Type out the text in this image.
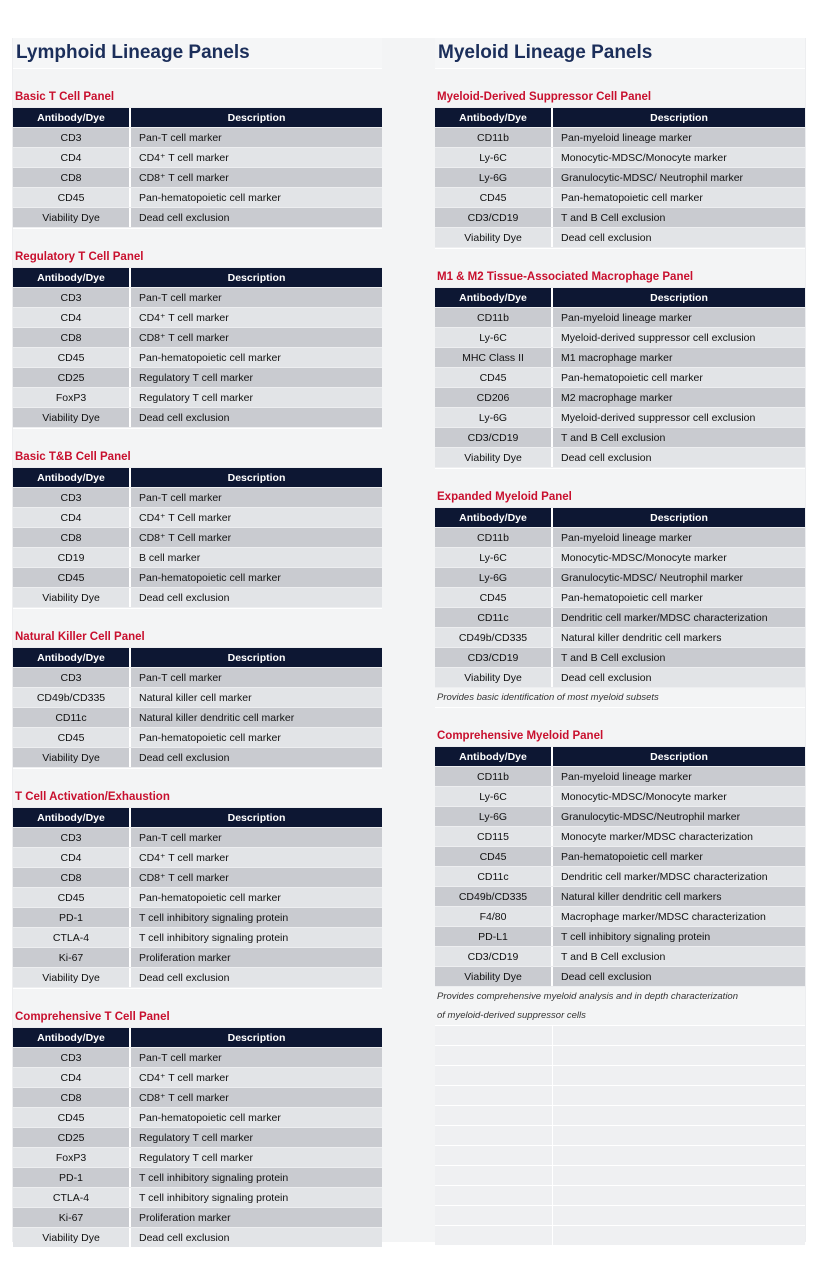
Lymphoid Lineage Panels
Basic T Cell Panel
Antibody/Dye	Description
CD3	Pan-T cell marker
CD4	CD4⁺ T cell marker
CD8	CD8⁺ T cell marker
CD45	Pan-hematopoietic cell marker
Viability Dye	Dead cell exclusion
Regulatory T Cell Panel
Antibody/Dye	Description
CD3	Pan-T cell marker
CD4	CD4⁺ T cell marker
CD8	CD8⁺ T cell marker
CD45	Pan-hematopoietic cell marker
CD25	Regulatory T cell marker
FoxP3	Regulatory T cell marker
Viability Dye	Dead cell exclusion
Basic T&B Cell Panel
Antibody/Dye	Description
CD3	Pan-T cell marker
CD4	CD4⁺ T Cell marker
CD8	CD8⁺ T Cell marker
CD19	B cell marker
CD45	Pan-hematopoietic cell marker
Viability Dye	Dead cell exclusion
Natural Killer Cell Panel
Antibody/Dye	Description
CD3	Pan-T cell marker
CD49b/CD335	Natural killer cell marker
CD11c	Natural killer dendritic cell marker
CD45	Pan-hematopoietic cell marker
Viability Dye	Dead cell exclusion
T Cell Activation/Exhaustion
Antibody/Dye	Description
CD3	Pan-T cell marker
CD4	CD4⁺ T cell marker
CD8	CD8⁺ T cell marker
CD45	Pan-hematopoietic cell marker
PD-1	T cell inhibitory signaling protein
CTLA-4	T cell inhibitory signaling protein
Ki-67	Proliferation marker
Viability Dye	Dead cell exclusion
Comprehensive T Cell Panel
Antibody/Dye	Description
CD3	Pan-T cell marker
CD4	CD4⁺ T cell marker
CD8	CD8⁺ T cell marker
CD45	Pan-hematopoietic cell marker
CD25	Regulatory T cell marker
FoxP3	Regulatory T cell marker
PD-1	T cell inhibitory signaling protein
CTLA-4	T cell inhibitory signaling protein
Ki-67	Proliferation marker
Viability Dye	Dead cell exclusion
Myeloid Lineage Panels
Myeloid-Derived Suppressor Cell Panel
Antibody/Dye	Description
CD11b	Pan-myeloid lineage marker
Ly-6C	Monocytic-MDSC/Monocyte marker
Ly-6G	Granulocytic-MDSC/ Neutrophil marker
CD45	Pan-hematopoietic cell marker
CD3/CD19	T and B Cell exclusion
Viability Dye	Dead cell exclusion
M1 & M2 Tissue-Associated Macrophage Panel
Antibody/Dye	Description
CD11b	Pan-myeloid lineage marker
Ly-6C	Myeloid-derived suppressor cell exclusion
MHC Class II	M1 macrophage marker
CD45	Pan-hematopoietic cell marker
CD206	M2 macrophage marker
Ly-6G	Myeloid-derived suppressor cell exclusion
CD3/CD19	T and B Cell exclusion
Viability Dye	Dead cell exclusion
Expanded Myeloid Panel
Antibody/Dye	Description
CD11b	Pan-myeloid lineage marker
Ly-6C	Monocytic-MDSC/Monocyte marker
Ly-6G	Granulocytic-MDSC/ Neutrophil marker
CD45	Pan-hematopoietic cell marker
CD11c	Dendritic cell marker/MDSC characterization
CD49b/CD335	Natural killer dendritic cell markers
CD3/CD19	T and B Cell exclusion
Viability Dye	Dead cell exclusion
Provides basic identification of most myeloid subsets
Comprehensive Myeloid Panel
Antibody/Dye	Description
CD11b	Pan-myeloid lineage marker
Ly-6C	Monocytic-MDSC/Monocyte marker
Ly-6G	Granulocytic-MDSC/Neutrophil marker
CD115	Monocyte marker/MDSC characterization
CD45	Pan-hematopoietic cell marker
CD11c	Dendritic cell marker/MDSC characterization
CD49b/CD335	Natural killer dendritic cell markers
F4/80	Macrophage marker/MDSC characterization
PD-L1	T cell inhibitory signaling protein
CD3/CD19	T and B Cell exclusion
Viability Dye	Dead cell exclusion
Provides comprehensive myeloid analysis and in depth characterization
of myeloid-derived suppressor cells
